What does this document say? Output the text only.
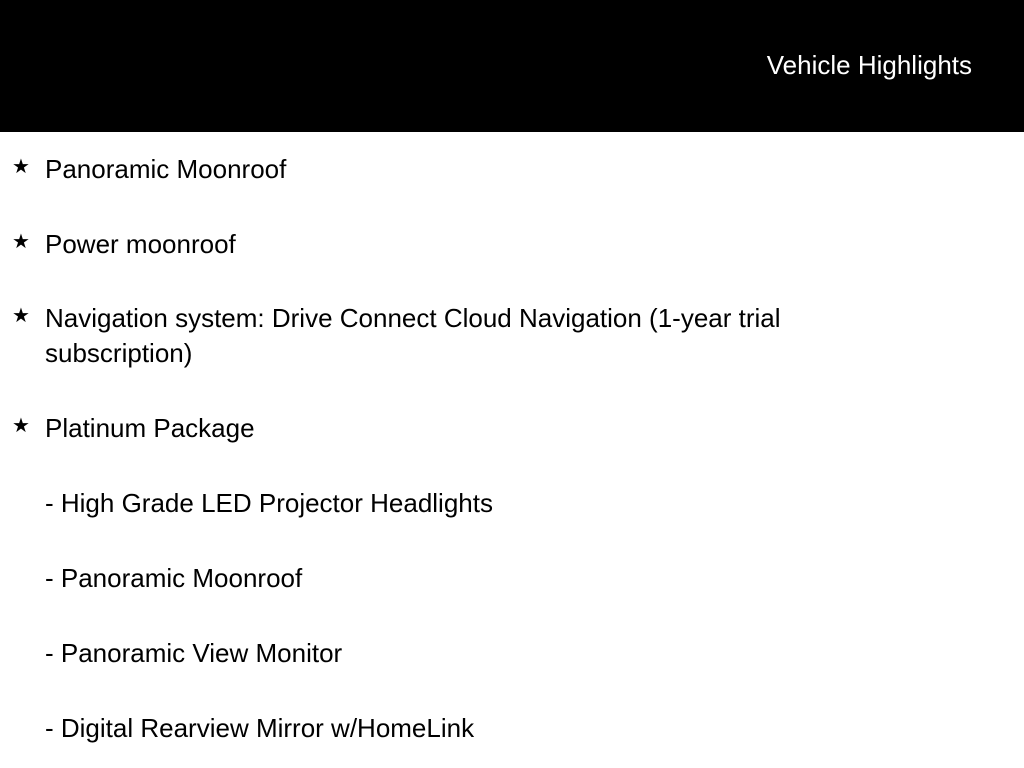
Vehicle Highlights
★ Panoramic Moonroof
★ Power moonroof
★ Navigation system: Drive Connect Cloud Navigation (1-year trial subscription)
★ Platinum Package
- High Grade LED Projector Headlights
- Panoramic Moonroof
- Panoramic View Monitor
- Digital Rearview Mirror w/HomeLink
